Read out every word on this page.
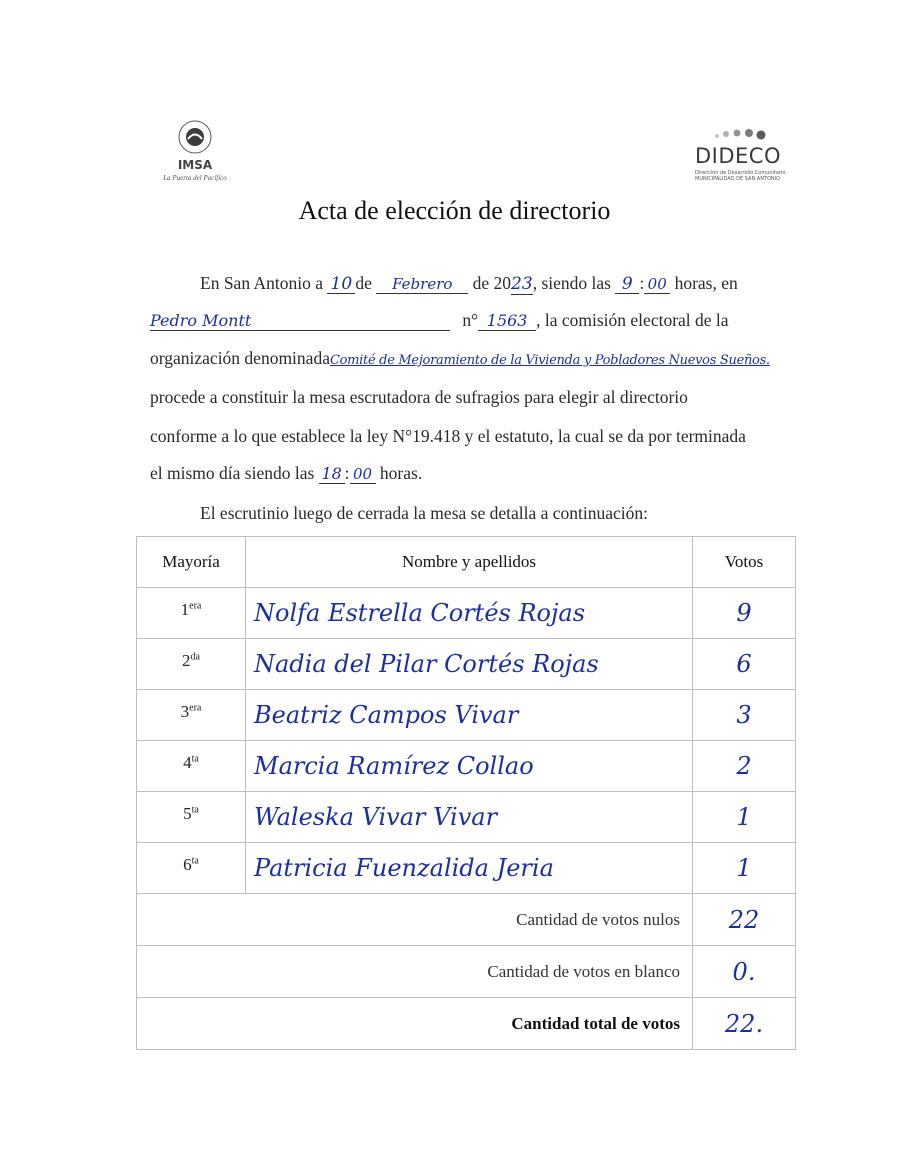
IMSA
La Puerta del Pacífico
DIDECO
Dirección de Desarrollo Comunitario · MUNICIPALIDAD DE SAN ANTONIO
Acta de elección de directorio
En San Antonio a 10 de Febrero de 2023, siendo las 9 : 00 horas, en
Pedro Montt	n° 1563 , la comisión electoral de la
organización denominadaComité de Mejoramiento de la Vivienda y Pobladores Nuevos Sueños.
procede a constituir la mesa escrutadora de sufragios para elegir al directorio
conforme a lo que establece la ley N°19.418 y el estatuto, la cual se da por terminada
el mismo día siendo las 18 : 00 horas.
El escrutinio luego de cerrada la mesa se detalla a continuación:
Mayoría	Nombre y apellidos	Votos
$1^{era}$	Nolfa Estrella Cortés Rojas	9
$2^{da}$	Nadia del Pilar Cortés Rojas	6
$3^{era}$	Beatriz Campos Vivar	3
$4^{ta}$	Marcia Ramírez Collao	2
$5^{ta}$	Waleska Vivar Vivar	1
$6^{ta}$	Patricia Fuenzalida Jeria	1
Cantidad de votos nulos		22
Cantidad de votos en blanco		0.
Cantidad total de votos		22.
